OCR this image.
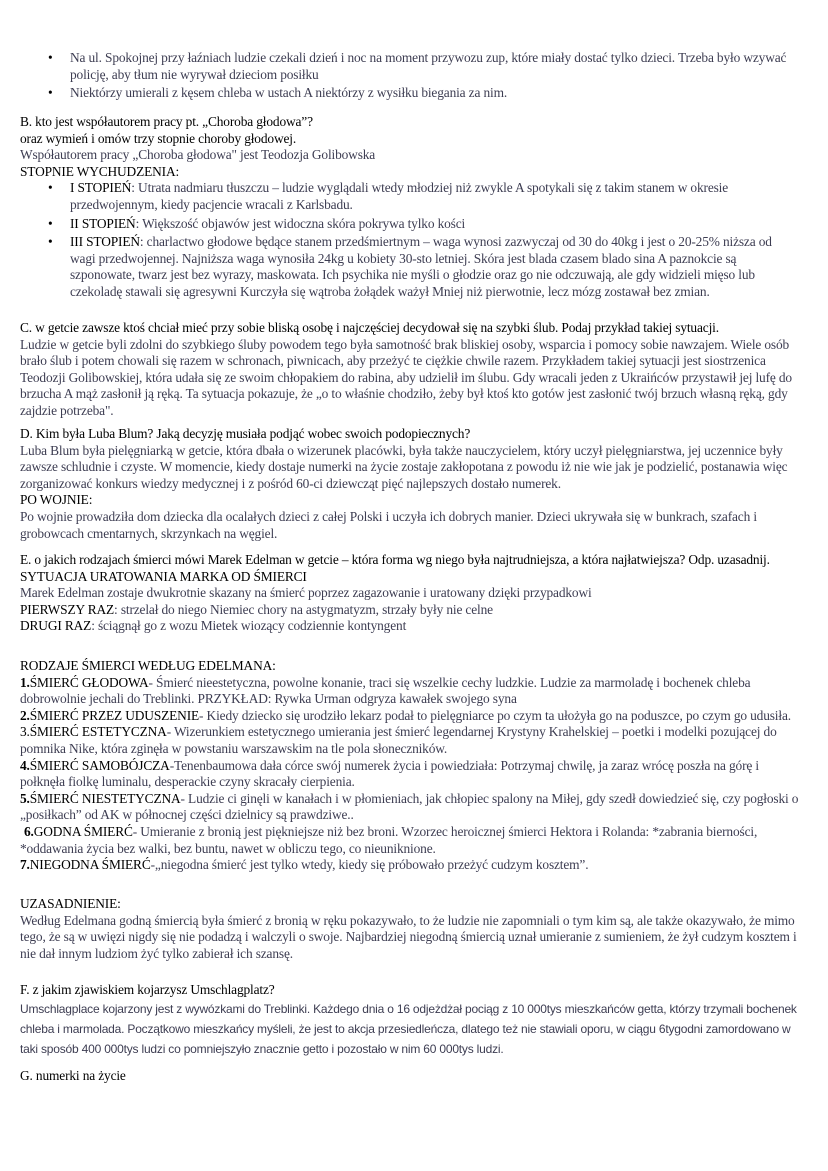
• Na ul. Spokojnej przy łaźniach ludzie czekali dzień i noc na moment przywozu zup, które miały dostać tylko dzieci. Trzeba było wzywać policję, aby tłum nie wyrywał dzieciom posiłku
• Niektórzy umierali z kęsem chleba w ustach A niektórzy z wysiłku biegania za nim.

B. kto jest współautorem pracy pt. „Choroba głodowa”?

oraz wymień i omów trzy stopnie choroby głodowej.

Współautorem pracy „Choroba głodowa" jest Teodozja Golibowska

STOPNIE WYCHUDZENIA:

• I STOPIEŃ: Utrata nadmiaru tłuszczu – ludzie wyglądali wtedy młodziej niż zwykle A spotykali się z takim stanem w okresie przedwojennym, kiedy pacjencie wracali z Karlsbadu.
• II STOPIEŃ: Większość objawów jest widoczna skóra pokrywa tylko kości
• III STOPIEŃ: charlactwo głodowe będące stanem przedśmiertnym – waga wynosi zazwyczaj od 30 do 40kg i jest o 20-25% niższa od wagi przedwojennej. Najniższa waga wynosiła 24kg u kobiety 30-sto letniej. Skóra jest blada czasem blado sina A paznokcie są szponowate, twarz jest bez wyrazy, maskowata. Ich psychika nie myśli o głodzie oraz go nie odczuwają, ale gdy widzieli mięso lub czekoladę stawali się agresywni Kurczyła się wątroba żołądek ważył Mniej niż pierwotnie, lecz mózg zostawał bez zmian.

C. w getcie zawsze ktoś chciał mieć przy sobie bliską osobę i najczęściej decydował się na szybki ślub. Podaj przykład takiej sytuacji.

Ludzie w getcie byli zdolni do szybkiego śluby powodem tego była samotność brak bliskiej osoby, wsparcia i pomocy sobie nawzajem. Wiele osób brało ślub i potem chowali się razem w schronach, piwnicach, aby przeżyć te ciężkie chwile razem. Przykładem takiej sytuacji jest siostrzenica Teodozji Golibowskiej, która udała się ze swoim chłopakiem do rabina, aby udzielił im ślubu. Gdy wracali jeden z Ukraińców przystawił jej lufę do brzucha A mąż zasłonił ją ręką. Ta sytuacja pokazuje, że „o to właśnie chodziło, żeby był ktoś kto gotów jest zasłonić twój brzuch własną ręką, gdy zajdzie potrzeba".

D. Kim była Luba Blum? Jaką decyzję musiała podjąć wobec swoich podopiecznych?

Luba Blum była pielęgniarką w getcie, która dbała o wizerunek placówki, była także nauczycielem, który uczył pielęgniarstwa, jej uczennice były zawsze schludnie i czyste. W momencie, kiedy dostaje numerki na życie zostaje zakłopotana z powodu iż nie wie jak je podzielić, postanawia więc zorganizować konkurs wiedzy medycznej i z pośród 60-ci dziewcząt pięć najlepszych dostało numerek.

PO WOJNIE:

Po wojnie prowadziła dom dziecka dla ocalałych dzieci z całej Polski i uczyła ich dobrych manier. Dzieci ukrywała się w bunkrach, szafach i grobowcach cmentarnych, skrzynkach na węgiel.

E. o jakich rodzajach śmierci mówi Marek Edelman w getcie – która forma wg niego była najtrudniejsza, a która najłatwiejsza? Odp. uzasadnij.

SYTUACJA URATOWANIA MARKA OD ŚMIERCI

Marek Edelman zostaje dwukrotnie skazany na śmierć poprzez zagazowanie i uratowany dzięki przypadkowi

PIERWSZY RAZ: strzelał do niego Niemiec chory na astygmatyzm, strzały były nie celne

DRUGI RAZ: ściągnął go z wozu Mietek wiozący codziennie kontyngent

RODZAJE ŚMIERCI WEDŁUG EDELMANA:

1.ŚMIERĆ GŁODOWA- Śmierć nieestetyczna, powolne konanie, traci się wszelkie cechy ludzkie. Ludzie za marmoladę i bochenek chleba dobrowolnie jechali do Treblinki. PRZYKŁAD: Rywka Urman odgryza kawałek swojego syna

2.ŚMIERĆ PRZEZ UDUSZENIE- Kiedy dziecko się urodziło lekarz podał to pielęgniarce po czym ta ułożyła go na poduszce, po czym go udusiła.

3.ŚMIERĆ ESTETYCZNA- Wizerunkiem estetycznego umierania jest śmierć legendarnej Krystyny Krahelskiej – poetki i modelki pozującej do pomnika Nike, która zginęła w powstaniu warszawskim na tle pola słoneczników.

4.ŚMIERĆ SAMOBÓJCZA-Tenenbaumowa dała córce swój numerek życia i powiedziała: Potrzymaj chwilę, ja zaraz wrócę poszła na górę i połknęła fiolkę luminalu, desperackie czyny skracały cierpienia.

5.ŚMIERĆ NIESTETYCZNA- Ludzie ci ginęli w kanałach i w płomieniach, jak chłopiec spalony na Miłej, gdy szedł dowiedzieć się, czy pogłoski o „posiłkach” od AK w północnej części dzielnicy są prawdziwe..

6.GODNA ŚMIERĆ- Umieranie z bronią jest piękniejsze niż bez broni. Wzorzec heroicznej śmierci Hektora i Rolanda: *zabrania bierności,

*oddawania życia bez walki, bez buntu, nawet w obliczu tego, co nieuniknione.

7.NIEGODNA ŚMIERĆ-„niegodna śmierć jest tylko wtedy, kiedy się próbowało przeżyć cudzym kosztem”.

UZASADNIENIE:

Według Edelmana godną śmiercią była śmierć z bronią w ręku pokazywało, to że ludzie nie zapomniali o tym kim są, ale także okazywało, że mimo tego, że są w uwięzi nigdy się nie podadzą i walczyli o swoje. Najbardziej niegodną śmiercią uznał umieranie z sumieniem, że żył cudzym kosztem i nie dał innym ludziom żyć tylko zabierał ich szansę.

F. z jakim zjawiskiem kojarzysz Umschlagplatz?

Umschlagplace kojarzony jest z wywózkami do Treblinki. Każdego dnia o 16 odjeżdżał pociąg z 10 000tys mieszkańców getta, którzy trzymali bochenek chleba i marmolada. Początkowo mieszkańcy myśleli, że jest to akcja przesiedleńcza, dlatego też nie stawiali oporu, w ciągu 6tygodni zamordowano w taki sposób 400 000tys ludzi co pomniejszyło znacznie getto i pozostało w nim 60 000tys ludzi.

G. numerki na życie
